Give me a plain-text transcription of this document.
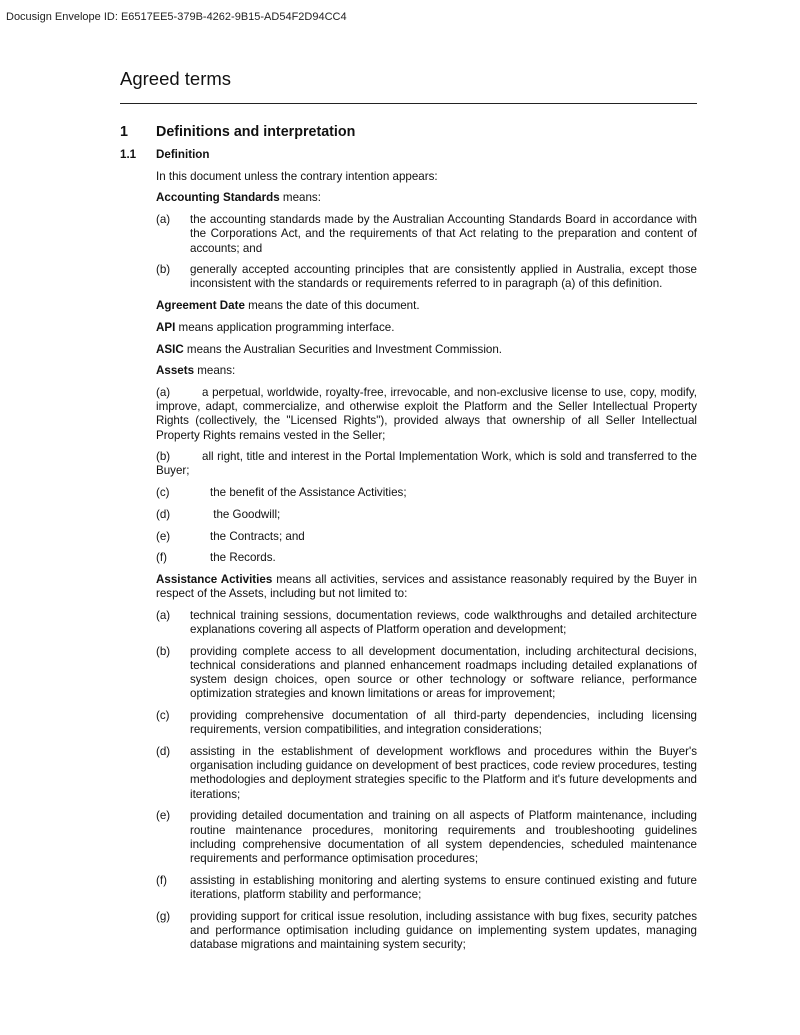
Docusign Envelope ID: E6517EE5-379B-4262-9B15-AD54F2D94CC4
Agreed terms
1	Definitions and interpretation
1.1	Definition
In this document unless the contrary intention appears:
Accounting Standards means:
(a)	the accounting standards made by the Australian Accounting Standards Board in accordance with the Corporations Act, and the requirements of that Act relating to the preparation and content of accounts; and
(b)	generally accepted accounting principles that are consistently applied in Australia, except those inconsistent with the standards or requirements referred to in paragraph (a) of this definition.
Agreement Date means the date of this document.
API means application programming interface.
ASIC means the Australian Securities and Investment Commission.
Assets means:
(a)	a perpetual, worldwide, royalty-free, irrevocable, and non-exclusive license to use, copy, modify, improve, adapt, commercialize, and otherwise exploit the Platform and the Seller Intellectual Property Rights (collectively, the "Licensed Rights"), provided always that ownership of all Seller Intellectual Property Rights remains vested in the Seller;
(b)	all right, title and interest in the Portal Implementation Work, which is sold and transferred to the Buyer;
(c)	the benefit of the Assistance Activities;
(d)	the Goodwill;
(e)	the Contracts; and
(f)	the Records.
Assistance Activities means all activities, services and assistance reasonably required by the Buyer in respect of the Assets, including but not limited to:
(a)	technical training sessions, documentation reviews, code walkthroughs and detailed architecture explanations covering all aspects of Platform operation and development;
(b)	providing complete access to all development documentation, including architectural decisions, technical considerations and planned enhancement roadmaps including detailed explanations of system design choices, open source or other technology or software reliance, performance optimization strategies and known limitations or areas for improvement;
(c)	providing comprehensive documentation of all third-party dependencies, including licensing requirements, version compatibilities, and integration considerations;
(d)	assisting in the establishment of development workflows and procedures within the Buyer's organisation including guidance on development of best practices, code review procedures, testing methodologies and deployment strategies specific to the Platform and it's future developments and iterations;
(e)	providing detailed documentation and training on all aspects of Platform maintenance, including routine maintenance procedures, monitoring requirements and troubleshooting guidelines including comprehensive documentation of all system dependencies, scheduled maintenance requirements and performance optimisation procedures;
(f)	assisting in establishing monitoring and alerting systems to ensure continued existing and future iterations, platform stability and performance;
(g)	providing support for critical issue resolution, including assistance with bug fixes, security patches and performance optimisation including guidance on implementing system updates, managing database migrations and maintaining system security;
